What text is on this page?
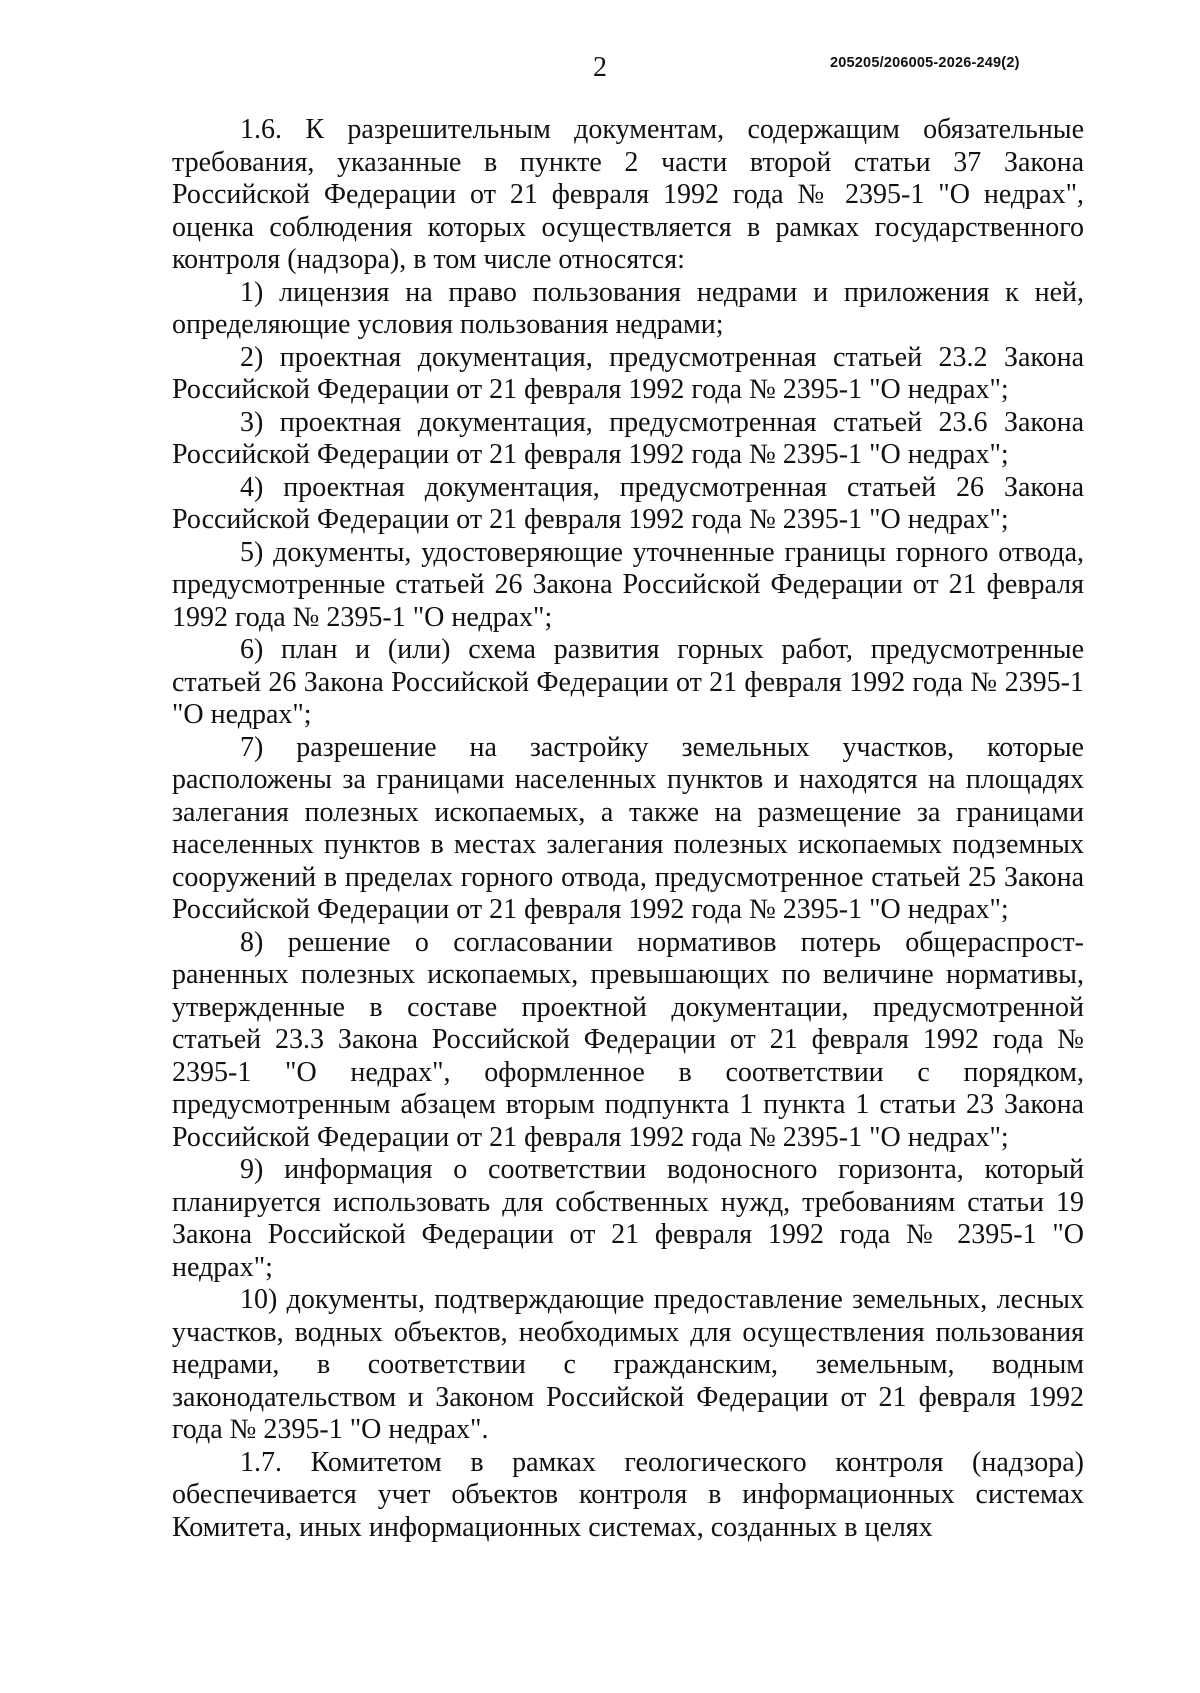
2	205205/206005-2026-249(2)

1.6. К разрешительным документам, содержащим обязательные требования, указанные в пункте 2 части второй статьи 37 Закона Российской Федерации от 21 февраля 1992 года № 2395-1 "О недрах", оценка соблюдения которых осуществляется в рамках государственного контроля (надзора), в том числе относятся:

1) лицензия на право пользования недрами и приложения к ней, определяющие условия пользования недрами;

2) проектная документация, предусмотренная статьей 23.2 Закона Российской Федерации от 21 февраля 1992 года № 2395-1 "О недрах";

3) проектная документация, предусмотренная статьей 23.6 Закона Российской Федерации от 21 февраля 1992 года № 2395-1 "О недрах";

4) проектная документация, предусмотренная статьей 26 Закона Российской Федерации от 21 февраля 1992 года № 2395-1 "О недрах";

5) документы, удостоверяющие уточненные границы горного отвода, предусмотренные статьей 26 Закона Российской Федерации от 21 февраля 1992 года № 2395-1 "О недрах";

6) план и (или) схема развития горных работ, предусмотренные статьей 26 Закона Российской Федерации от 21 февраля 1992 года № 2395-1 "О недрах";

7) разрешение на застройку земельных участков, которые расположены за границами населенных пунктов и находятся на площадях залегания полезных ископаемых, а также на размещение за границами населенных пунктов в местах залегания полезных ископаемых подземных сооружений в пределах горного отвода, предусмотренное статьей 25 Закона Российской Федерации от 21 февраля 1992 года № 2395-1 "О недрах";

8) решение о согласовании нормативов потерь общераспрост-раненных полезных ископаемых, превышающих по величине нормативы, утвержденные в составе проектной документации, предусмотренной статьей 23.3 Закона Российской Федерации от 21 февраля 1992 года № 2395-1 "О недрах", оформленное в соответствии с порядком, предусмотренным абзацем вторым подпункта 1 пункта 1 статьи 23 Закона Российской Федерации от 21 февраля 1992 года № 2395-1 "О недрах";

9) информация о соответствии водоносного горизонта, который планируется использовать для собственных нужд, требованиям статьи 19 Закона Российской Федерации от 21 февраля 1992 года № 2395-1 "О недрах";

10) документы, подтверждающие предоставление земельных, лесных участков, водных объектов, необходимых для осуществления пользования недрами, в соответствии с гражданским, земельным, водным законодательством и Законом Российской Федерации от 21 февраля 1992 года № 2395-1 "О недрах".

1.7. Комитетом в рамках геологического контроля (надзора) обеспечивается учет объектов контроля в информационных системах Комитета, иных информационных системах, созданных в целях
